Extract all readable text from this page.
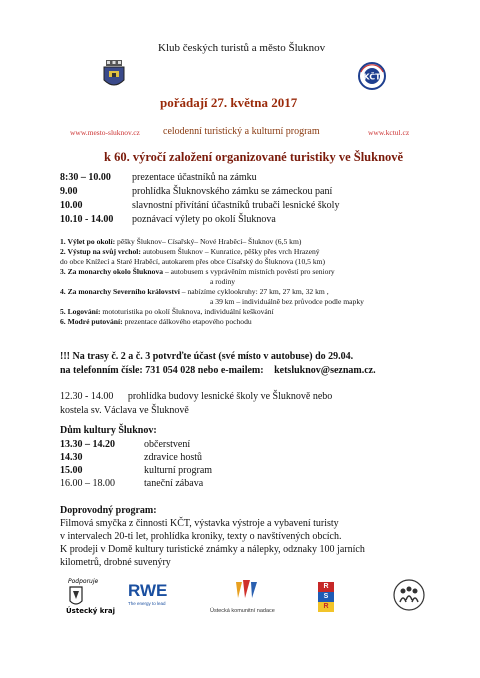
Klub českých turistů a město Šluknov
KČT
pořádají 27. května 2017
www.mesto-sluknov.cz celodenní turistický a kulturní program	www.kctul.cz
k 60. výročí založení organizované turistiky ve Šluknově
8:30 – 10.00 prezentace účastníků na zámku
9.00	prohlídka Šluknovského zámku se zámeckou paní
10.00	slavnostní přivítání účastníků trubači lesnické školy
10.10 - 14.00 poznávací výlety po okolí Šluknova
1. Výlet po okolí: pěšky Šluknov– Císařský– Nové Hraběcí– Šluknov (6,5 km)
2. Výstup na svůj vrchol: autobusem Šluknov – Kunratice, pěšky přes vrch Hrazený
do obce Knížecí a Staré Hraběcí, autokarem přes obce Císařský do Šluknova (10,5 km)
3. Za monarchy okolo Šluknova – autobusem s vyprávěním místních pověstí pro seniory
a rodiny
4. Za monarchy Severního království – nabízíme cyklookruhy: 27 km, 27 km, 32 km ,
a 39 km – individuálně bez průvodce podle mapky
5. Logování: mototuristika po okolí Šluknova, individuální keškování
6. Modré putování: prezentace dálkového etapového pochodu
!!! Na trasy č. 2 a č. 3 potvrďte účast (své místo v autobuse) do 29.04.
na telefonním čísle: 731 054 028 nebo e-mailem: ketsluknov@seznam.cz.
12.30 - 14.00 prohlídka budovy lesnické školy ve Šluknově nebo
kostela sv. Václava ve Šluknově
Dům kultury Šluknov:
13.30 – 14.20	občerstvení
14.30	zdravice hostů
15.00	kulturní program
16.00 – 18.00	taneční zábava
Doprovodný program:
Filmová smyčka z činnosti KČT, výstavka výstroje a vybavení turisty
v intervalech 20-ti let, prohlídka kroniky, texty o navštívených obcích.
K prodeji v Domě kultury turistické známky a nálepky, odznaky 100 jarních
kilometrů, drobné suvenýry
Podporuje
Ústecký kraj
RWE
The energy to lead
Ústecká komunitní nadace
R
S
R
